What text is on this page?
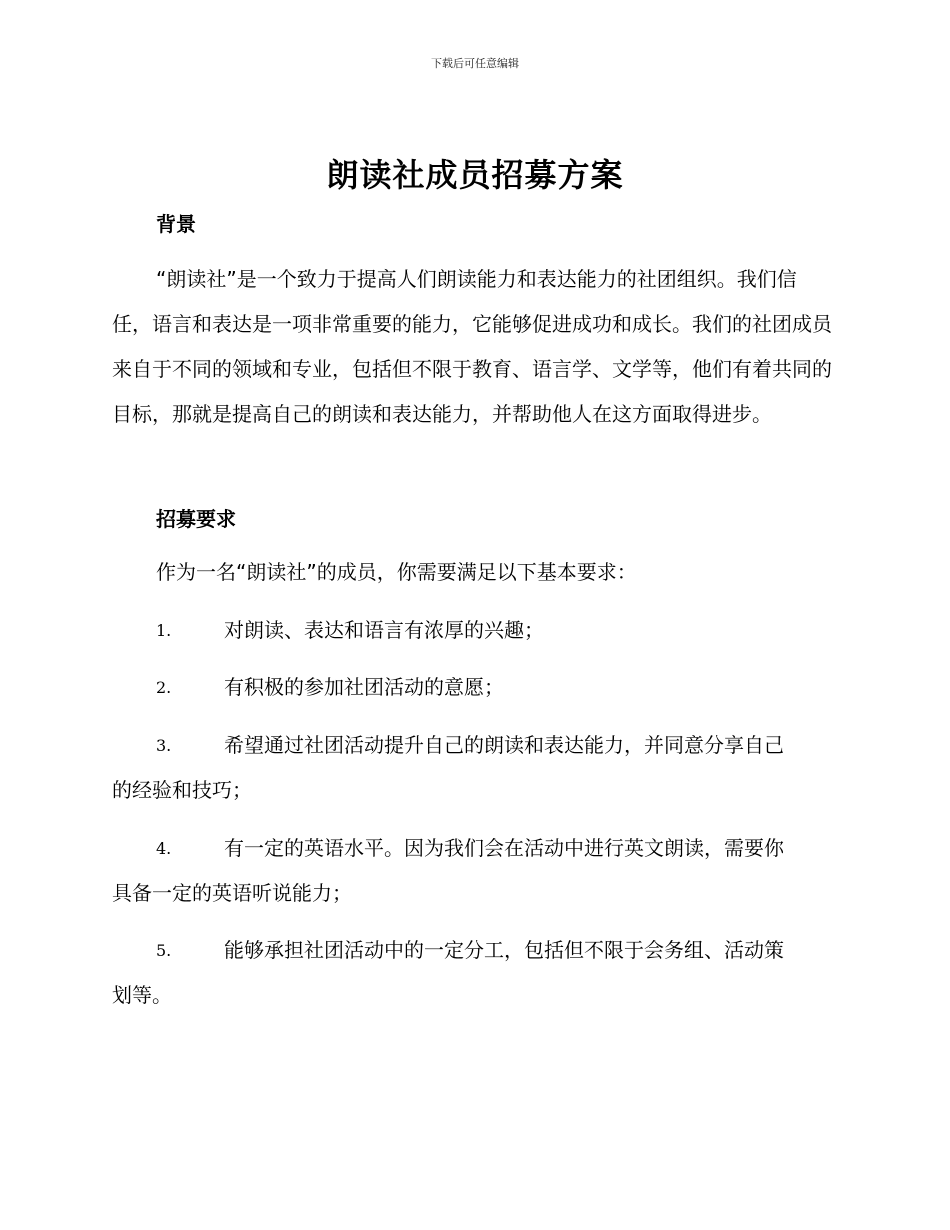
下载后可任意编辑
朗读社成员招募方案
背景
“朗读社”是一个致力于提高人们朗读能力和表达能力的社团组织。我们信任，语言和表达是一项非常重要的能力，它能够促进成功和成长。我们的社团成员来自于不同的领域和专业，包括但不限于教育、语言学、文学等，他们有着共同的目标，那就是提高自己的朗读和表达能力，并帮助他人在这方面取得进步。
招募要求
作为一名“朗读社”的成员，你需要满足以下基本要求：
1.	对朗读、表达和语言有浓厚的兴趣；
2.	有积极的参加社团活动的意愿；
3.	希望通过社团活动提升自己的朗读和表达能力，并同意分享自己
的经验和技巧；
4.	有一定的英语水平。因为我们会在活动中进行英文朗读，需要你
具备一定的英语听说能力；
5.	能够承担社团活动中的一定分工，包括但不限于会务组、活动策
划等。
